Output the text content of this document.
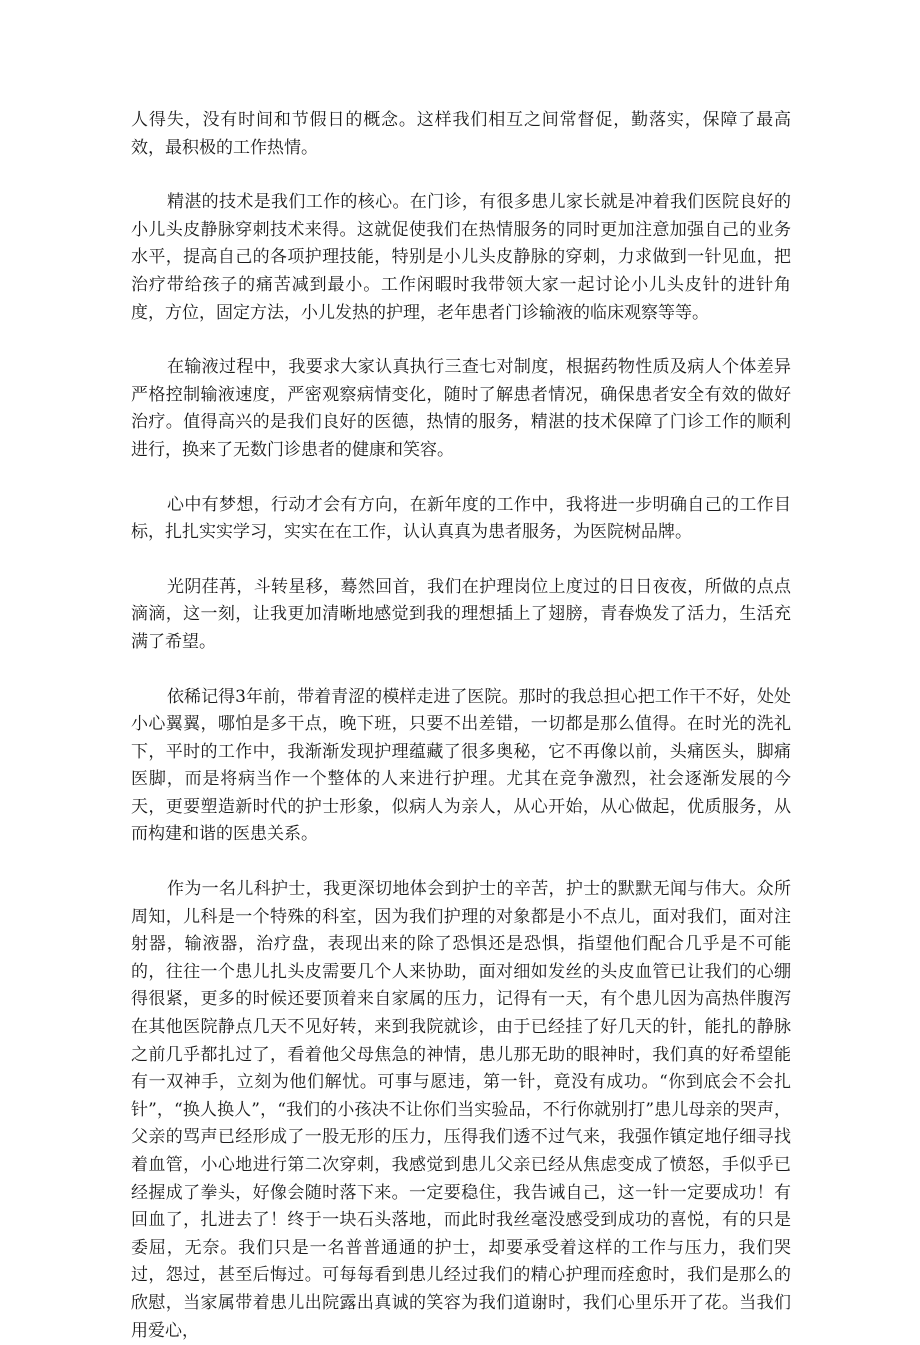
人得失，没有时间和节假日的概念。这样我们相互之间常督促，勤落实，保障了最高效，最积极的工作热情。

精湛的技术是我们工作的核心。在门诊，有很多患儿家长就是冲着我们医院良好的小儿头皮静脉穿刺技术来得。这就促使我们在热情服务的同时更加注意加强自己的业务水平，提高自己的各项护理技能，特别是小儿头皮静脉的穿刺，力求做到一针见血，把治疗带给孩子的痛苦减到最小。工作闲暇时我带领大家一起讨论小儿头皮针的进针角度，方位，固定方法，小儿发热的护理，老年患者门诊输液的临床观察等等。

在输液过程中，我要求大家认真执行三查七对制度，根据药物性质及病人个体差异严格控制输液速度，严密观察病情变化，随时了解患者情况，确保患者安全有效的做好治疗。值得高兴的是我们良好的医德，热情的服务，精湛的技术保障了门诊工作的顺利进行，换来了无数门诊患者的健康和笑容。

心中有梦想，行动才会有方向，在新年度的工作中，我将进一步明确自己的工作目标，扎扎实实学习，实实在在工作，认认真真为患者服务，为医院树品牌。

光阴荏苒，斗转星移，蓦然回首，我们在护理岗位上度过的日日夜夜，所做的点点滴滴，这一刻，让我更加清晰地感觉到我的理想插上了翅膀，青春焕发了活力，生活充满了希望。

依稀记得3年前，带着青涩的模样走进了医院。那时的我总担心把工作干不好，处处小心翼翼，哪怕是多干点，晚下班，只要不出差错，一切都是那么值得。在时光的洗礼下，平时的工作中，我渐渐发现护理蕴藏了很多奥秘，它不再像以前，头痛医头，脚痛医脚，而是将病当作一个整体的人来进行护理。尤其在竞争激烈，社会逐渐发展的今天，更要塑造新时代的护士形象，似病人为亲人，从心开始，从心做起，优质服务，从而构建和谐的医患关系。

作为一名儿科护士，我更深切地体会到护士的辛苦，护士的默默无闻与伟大。众所周知，儿科是一个特殊的科室，因为我们护理的对象都是小不点儿，面对我们，面对注射器，输液器，治疗盘，表现出来的除了恐惧还是恐惧，指望他们配合几乎是不可能的，往往一个患儿扎头皮需要几个人来协助，面对细如发丝的头皮血管已让我们的心绷得很紧，更多的时候还要顶着来自家属的压力，记得有一天，有个患儿因为高热伴腹泻在其他医院静点几天不见好转，来到我院就诊，由于已经挂了好几天的针，能扎的静脉之前几乎都扎过了，看着他父母焦急的神情，患儿那无助的眼神时，我们真的好希望能有一双神手，立刻为他们解忧。可事与愿违，第一针，竟没有成功。“你到底会不会扎针”，“换人换人”，“我们的小孩决不让你们当实验品，不行你就别打”患儿母亲的哭声，父亲的骂声已经形成了一股无形的压力，压得我们透不过气来，我强作镇定地仔细寻找着血管，小心地进行第二次穿刺，我感觉到患儿父亲已经从焦虑变成了愤怒，手似乎已经握成了拳头，好像会随时落下来。一定要稳住，我告诫自己，这一针一定要成功！有回血了，扎进去了！终于一块石头落地，而此时我丝毫没感受到成功的喜悦，有的只是委屈，无奈。我们只是一名普普通通的护士，却要承受着这样的工作与压力，我们哭过，怨过，甚至后悔过。可每每看到患儿经过我们的精心护理而痊愈时，我们是那么的欣慰，当家属带着患儿出院露出真诚的笑容为我们道谢时，我们心里乐开了花。当我们用爱心，
